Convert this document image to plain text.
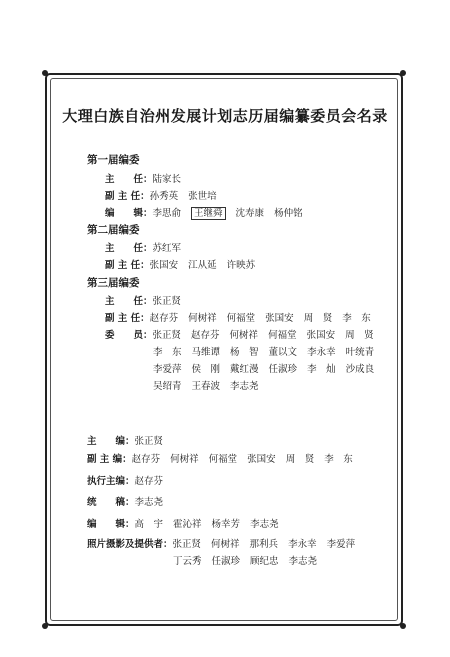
大理白族自治州发展计划志历届编纂委员会名录
第一届编委
主　　任：陆家长
副 主 任：孙秀英 张世培
编　　辑：李思俞 王继舜 沈寿康 杨仲铭
第二届编委
主　　任：苏红军
副 主 任：张国安 江从延 许映苏
第三届编委
主　　任：张正贤
副 主 任：赵存芬 何树祥 何福堂 张国安 周　贤 李　东
委　　员：张正贤 赵存芬 何树祥 何福堂 张国安 周　贤
李　东 马维谭 杨　智 董以文 李永幸 叶统青
李爱萍 侯　刚 戴红漫 任淑珍 李　灿 沙成良
吴绍青 王春波 李志尧
主　　编：张正贤
副 主 编：赵存芬 何树祥 何福堂 张国安 周　贤 李　东
执行主编：赵存芬
统　　稿：李志尧
编　　辑：高　宇 霍沁祥 杨幸芳 李志尧
照片摄影及提供者：张正贤 何树祥 那利兵 李永幸 李爱萍
丁云秀 任淑珍 顾纪忠 李志尧
